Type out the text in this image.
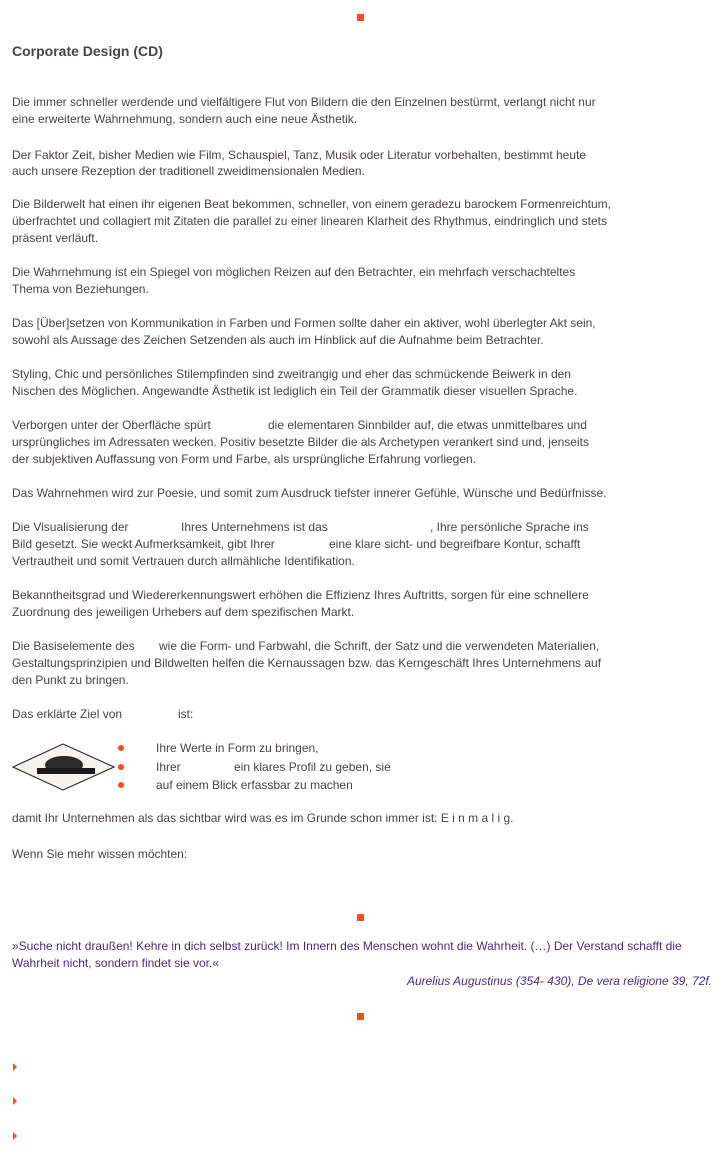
Corporate Design (CD)
Die immer schneller werdende und vielfältigere Flut von Bildern die den Einzelnen bestürmt, verlangt nicht nur
eine erweiterte Wahrnehmung, sondern auch eine neue Ästhetik.
Der Faktor Zeit, bisher Medien wie Film, Schauspiel, Tanz, Musik oder Literatur vorbehalten, bestimmt heute
auch unsere Rezeption der traditionell zweidimensionalen Medien.
Die Bilderwelt hat einen ihr eigenen Beat bekommen, schneller, von einem geradezu barockem Formenreichtum,
überfrachtet und collagiert mit Zitaten die parallel zu einer linearen Klarheit des Rhythmus, eindringlich und stets
präsent verläuft.
Die Wahrnehmung ist ein Spiegel von möglichen Reizen auf den Betrachter, ein mehrfach verschachteltes
Thema von Beziehungen.
Das [Über]setzen von Kommunikation in Farben und Formen sollte daher ein aktiver, wohl überlegter Akt sein,
sowohl als Aussage des Zeichen Setzenden als auch im Hinblick auf die Aufnahme beim Betrachter.
Styling, Chic und persönliches Stilempfinden sind zweitrangig und eher das schmückende Beiwerk in den
Nischen des Möglichen. Angewandte Ästhetik ist lediglich ein Teil der Grammatik dieser visuellen Sprache.
Verborgen unter der Oberfläche spürt	die elementaren Sinnbilder auf, die etwas unmittelbares und
ursprüngliches im Adressaten wecken. Positiv besetzte Bilder die als Archetypen verankert sind und, jenseits
der subjektiven Auffassung von Form und Farbe, als ursprüngliche Erfahrung vorliegen.
Das Wahrnehmen wird zur Poesie, und somit zum Ausdruck tiefster innerer Gefühle, Wünsche und Bedürfnisse.
Die Visualisierung der	Ihres Unternehmens ist das	, Ihre persönliche Sprache ins
Bild gesetzt. Sie weckt Aufmerksamkeit, gibt Ihrer	eine klare sicht- und begreifbare Kontur, schafft
Vertrautheit und somit Vertrauen durch allmähliche Identifikation.
Bekanntheitsgrad und Wiedererkennungswert erhöhen die Effizienz Ihres Auftritts, sorgen für eine schnellere
Zuordnung des jeweiligen Urhebers auf dem spezifischen Markt.
Die Basiselemente des wie die Form- und Farbwahl, die Schrift, der Satz und die verwendeten Materialien,
Gestaltungsprinzipien und Bildwelten helfen die Kernaussagen bzw. das Kerngeschäft Ihres Unternehmens auf
den Punkt zu bringen.
Das erklärte Ziel von	ist:
Ihre Werte in Form zu bringen,
Ihrer	ein klares Profil zu geben, sie
auf einem Blick erfassbar zu machen
damit Ihr Unternehmen als das sichtbar wird was es im Grunde schon immer ist: E i n m a l i g.
Wenn Sie mehr wissen möchten:
»Suche nicht draußen! Kehre in dich selbst zurück! Im Innern des Menschen wohnt die Wahrheit. (…) Der Verstand schafft die
Wahrheit nicht, sondern findet sie vor.«
Aurelius Augustinus (354- 430), De vera religione 39, 72f.
